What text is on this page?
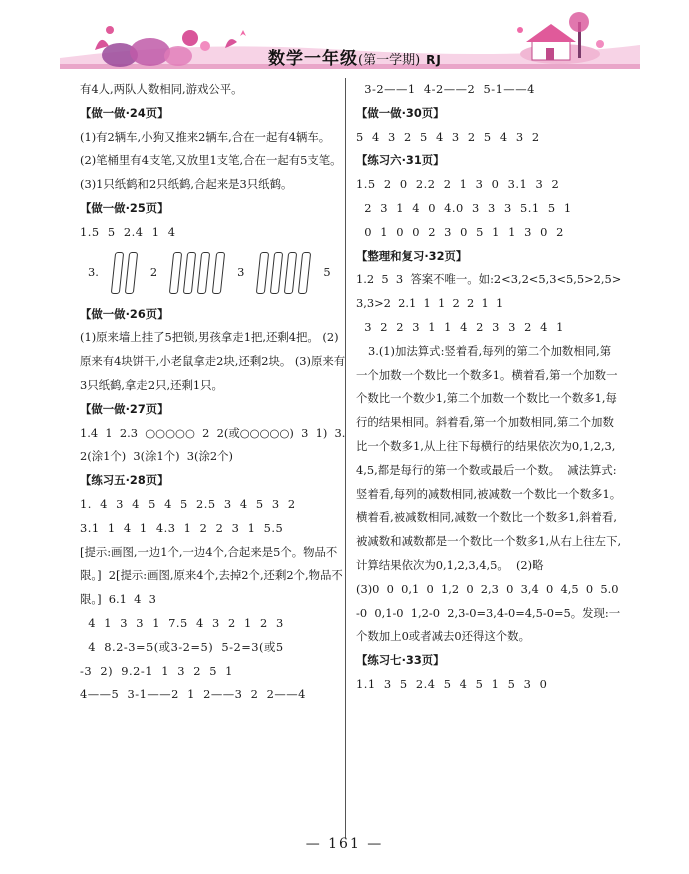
数学一年级(第一学期) RJ

有4人,两队人数相同,游戏公平。

【做一做·24页】

(1)有2辆车,小狗又推来2辆车,合在一起有4辆车。 (2)笔桶里有4支笔,又放里1支笔,合在一起有5支笔。 (3)1只纸鹤和2只纸鹤,合起来是3只纸鹤。

【做一做·25页】

1.5  5  2.4  1  4

3.	2	3	5

【做一做·26页】

(1)原来墙上挂了5把锁,男孩拿走1把,还剩4把。 (2)原来有4块饼干,小老鼠拿走2块,还剩2块。 (3)原来有3只纸鹤,拿走2只,还剩1只。

【做一做·27页】

1.4  1  2.3  ○○○○○  2  2(或○○○○○)  3  1)  3.2(涂1个)  3(涂1个)  3(涂2个)

【练习五·28页】

1.  4  3  4  5  4  5  2.5  3  4  5  3  2

3.1  1  4  1  4.3  1  2  2  3  1  5.5

[提示:画图,一边1个,一边4个,合起来是5个。物品不限。]  2[提示:画图,原来4个,去掉2个,还剩2个,物品不限。]  6.1  4  3

4  1  3  3  1  7.5  4  3  2  1  2  3

4  8.2-3=5(或3-2=5)  5-2=3(或5

-3  2)  9.2-1  1  3  2  5  1

4——5  3-1——2  1  2——3  2  2——4

3-2——1  4-2——2  5-1——4

【做一做·30页】

5  4  3  2  5  4  3  2  5  4  3  2

【练习六·31页】

1.5  2  0  2.2  2  1  3  0  3.1  3  2

2  3  1  4  0  4.0  3  3  3  5.1  5  1

0  1  0  0  2  3  0  5  1  1  3  0  2

【整理和复习·32页】

1.2  5  3  答案不唯一。如:2<3,2<5,3<5,5>2,5>3,3>2  2.1  1  1  2  2  1  1

3  2  2  3  1  1  4  2  3  3  2  4  1

3.(1)加法算式:竖着看,每列的第二个加数相同,第一个加数一个数比一个数多1。横着看,第一个加数一个数比一个数少1,第二个加数一个数比一个数多1,每行的结果相同。斜着看,第一个加数相同,第二个加数比一个数多1,从上往下每横行的结果依次为0,1,2,3,4,5,都是每行的第一个数或最后一个数。  减法算式:竖着看,每列的减数相同,被减数一个数比一个数多1。横着看,被减数相同,减数一个数比一个数多1,斜着看,被减数和减数都是一个数比一个数多1,从右上往左下,计算结果依次为0,1,2,3,4,5。  (2)略

(3)0  0  0,1  0  1,2  0  2,3  0  3,4  0  4,5  0  5.0-0  0,1-0  1,2-0  2,3-0=3,4-0=4,5-0=5。发现:一个数加上0或者减去0还得这个数。

【练习七·33页】

1.1  3  5  2.4  5  4  5  1  5  3  0

— 161 —
